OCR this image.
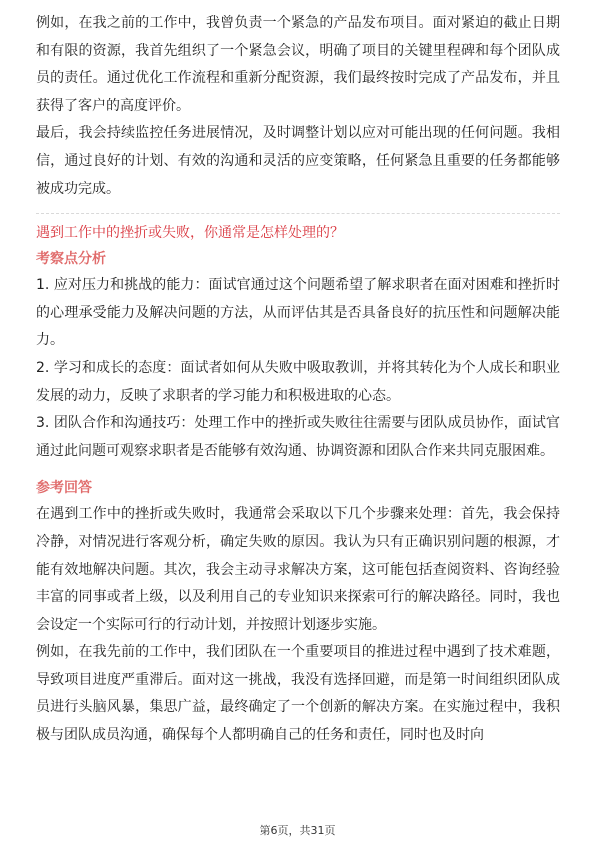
例如，在我之前的工作中，我曾负责一个紧急的产品发布项目。面对紧迫的截止日期和有限的资源，我首先组织了一个紧急会议，明确了项目的关键里程碑和每个团队成员的责任。通过优化工作流程和重新分配资源，我们最终按时完成了产品发布，并且获得了客户的高度评价。

最后，我会持续监控任务进展情况，及时调整计划以应对可能出现的任何问题。我相信，通过良好的计划、有效的沟通和灵活的应变策略，任何紧急且重要的任务都能够被成功完成。

遇到工作中的挫折或失败，你通常是怎样处理的？

考察点分析

1. 应对压力和挑战的能力：面试官通过这个问题希望了解求职者在面对困难和挫折时的心理承受能力及解决问题的方法，从而评估其是否具备良好的抗压性和问题解决能力。

2. 学习和成长的态度：面试者如何从失败中吸取教训，并将其转化为个人成长和职业发展的动力，反映了求职者的学习能力和积极进取的心态。

3. 团队合作和沟通技巧：处理工作中的挫折或失败往往需要与团队成员协作，面试官通过此问题可观察求职者是否能够有效沟通、协调资源和团队合作来共同克服困难。

参考回答

在遇到工作中的挫折或失败时，我通常会采取以下几个步骤来处理：首先，我会保持冷静，对情况进行客观分析，确定失败的原因。我认为只有正确识别问题的根源，才能有效地解决问题。其次，我会主动寻求解决方案，这可能包括查阅资料、咨询经验丰富的同事或者上级，以及利用自己的专业知识来探索可行的解决路径。同时，我也会设定一个实际可行的行动计划，并按照计划逐步实施。

例如，在我先前的工作中，我们团队在一个重要项目的推进过程中遇到了技术难题，导致项目进度严重滞后。面对这一挑战，我没有选择回避，而是第一时间组织团队成员进行头脑风暴，集思广益，最终确定了一个创新的解决方案。在实施过程中，我积极与团队成员沟通，确保每个人都明确自己的任务和责任，同时也及时向

第6页，共31页
